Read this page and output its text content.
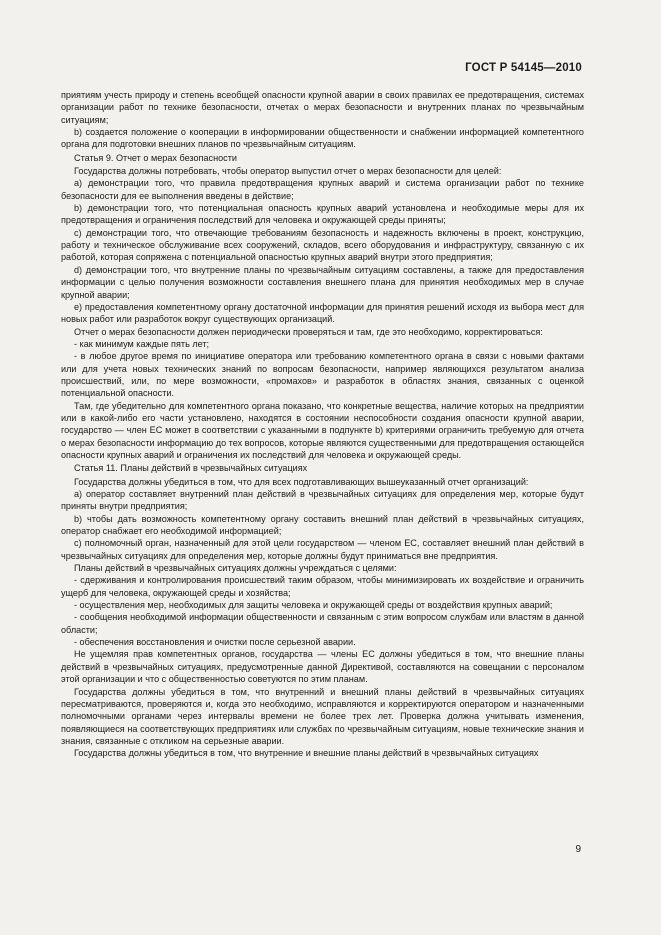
ГОСТ Р 54145—2010

приятиям учесть природу и степень всеобщей опасности крупной аварии в своих правилах ее предотвращения, системах организации работ по технике безопасности, отчетах о мерах безопасности и внутренних планах по чрезвычайным ситуациям;

b) создается положение о кооперации в информировании общественности и снабжении информацией компетентного органа для подготовки внешних планов по чрезвычайным ситуациям.

Статья 9. Отчет о мерах безопасности

Государства должны потребовать, чтобы оператор выпустил отчет о мерах безопасности для целей:

а) демонстрации того, что правила предотвращения крупных аварий и система организации работ по технике безопасности для ее выполнения введены в действие;

b) демонстрации того, что потенциальная опасность крупных аварий установлена и необходимые меры для их предотвращения и ограничения последствий для человека и окружающей среды приняты;

с) демонстрации того, что отвечающие требованиям безопасность и надежность включены в проект, конструкцию, работу и техническое обслуживание всех сооружений, складов, всего оборудования и инфраструктуру, связанную с их работой, которая сопряжена с потенциальной опасностью крупных аварий внутри этого предприятия;

d) демонстрации того, что внутренние планы по чрезвычайным ситуациям составлены, а также для предоставления информации с целью получения возможности составления внешнего плана для принятия необходимых мер в случае крупной аварии;

е) предоставления компетентному органу достаточной информации для принятия решений исходя из выбора мест для новых работ или разработок вокруг существующих организаций.

Отчет о мерах безопасности должен периодически проверяться и там, где это необходимо, корректироваться:

- как минимум каждые пять лет;

- в любое другое время по инициативе оператора или требованию компетентного органа в связи с новыми фактами или для учета новых технических знаний по вопросам безопасности, например являющихся результатом анализа происшествий, или, по мере возможности, «промахов» и разработок в областях знания, связанных с оценкой потенциальной опасности.

Там, где убедительно для компетентного органа показано, что конкретные вещества, наличие которых на предприятии или в какой-либо его части установлено, находятся в состоянии неспособности создания опасности крупной аварии, государство — член ЕС может в соответствии с указанными в подпункте b) критериями ограничить требуемую для отчета о мерах безопасности информацию до тех вопросов, которые являются существенными для предотвращения остающейся опасности крупных аварий и ограничения их последствий для человека и окружающей среды.

Статья 11. Планы действий в чрезвычайных ситуациях

Государства должны убедиться в том, что для всех подготавливающих вышеуказанный отчет организаций:

а) оператор составляет внутренний план действий в чрезвычайных ситуациях для определения мер, которые будут приняты внутри предприятия;

b) чтобы дать возможность компетентному органу составить внешний план действий в чрезвычайных ситуациях, оператор снабжает его необходимой информацией;

с) полномочный орган, назначенный для этой цели государством — членом ЕС, составляет внешний план действий в чрезвычайных ситуациях для определения мер, которые должны будут приниматься вне предприятия.

Планы действий в чрезвычайных ситуациях должны учреждаться с целями:

- сдерживания и контролирования происшествий таким образом, чтобы минимизировать их воздействие и ограничить ущерб для человека, окружающей среды и хозяйства;

- осуществления мер, необходимых для защиты человека и окружающей среды от воздействия крупных аварий;

- сообщения необходимой информации общественности и связанным с этим вопросом службам или властям в данной области;

- обеспечения восстановления и очистки после серьезной аварии.

Не ущемляя прав компетентных органов, государства — члены ЕС должны убедиться в том, что внешние планы действий в чрезвычайных ситуациях, предусмотренные данной Директивой, составляются на совещании с персоналом этой организации и что с общественностью советуются по этим планам.

Государства должны убедиться в том, что внутренний и внешний планы действий в чрезвычайных ситуациях пересматриваются, проверяются и, когда это необходимо, исправляются и корректируются оператором и назначенными полномочными органами через интервалы времени не более трех лет. Проверка должна учитывать изменения, появляющиеся на соответствующих предприятиях или службах по чрезвычайным ситуациям, новые технические знания и знания, связанные с откликом на серьезные аварии.

Государства должны убедиться в том, что внутренние и внешние планы действий в чрезвычайных ситуациях

9
